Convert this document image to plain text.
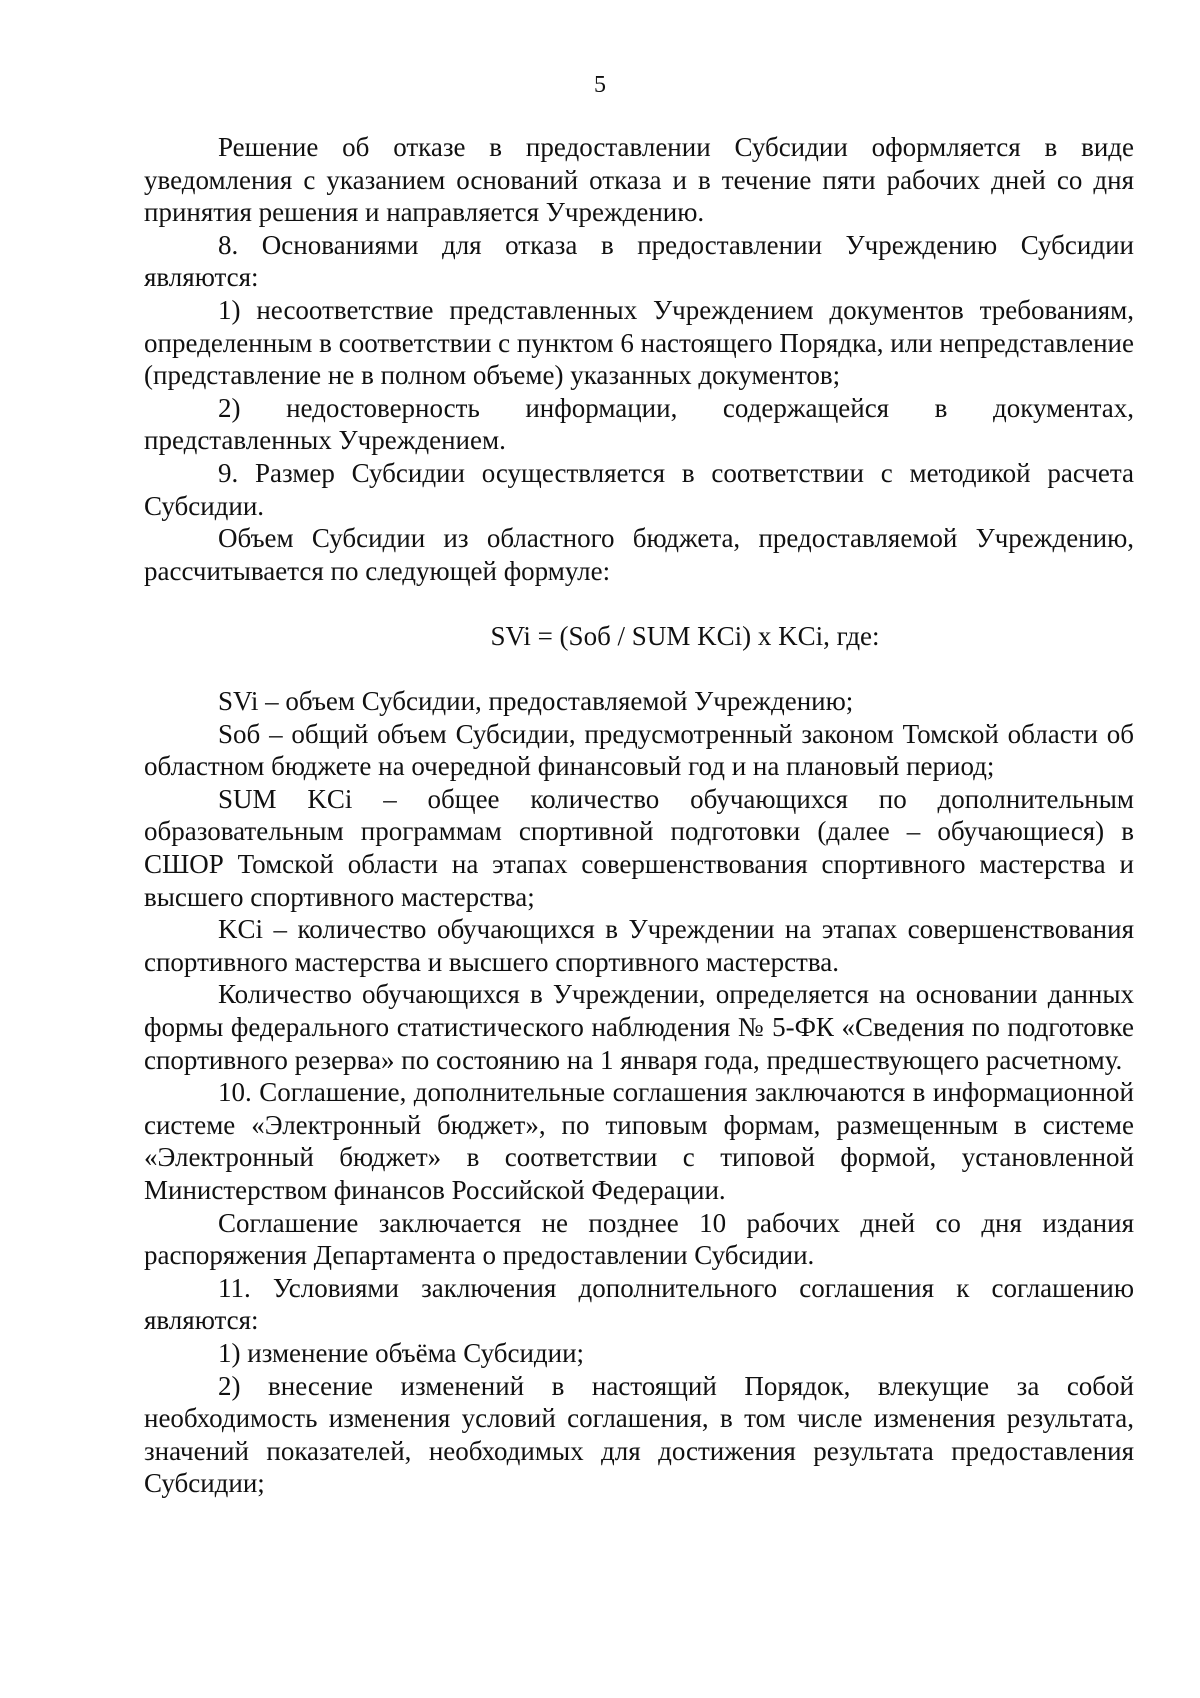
5

Решение об отказе в предоставлении Субсидии оформляется в виде уведомления с указанием оснований отказа и в течение пяти рабочих дней со дня принятия решения и направляется Учреждению.

8. Основаниями для отказа в предоставлении Учреждению Субсидии являются:

1) несоответствие представленных Учреждением документов требованиям, определенным в соответствии с пунктом 6 настоящего Порядка, или непредставление (представление не в полном объеме) указанных документов;

2) недостоверность информации, содержащейся в документах, представленных Учреждением.

9. Размер Субсидии осуществляется в соответствии с методикой расчета Субсидии.

Объем Субсидии из областного бюджета, предоставляемой Учреждению, рассчитывается по следующей формуле:

SVi = (Sоб / SUM KCi) x KCi, где:

SVi – объем Субсидии, предоставляемой Учреждению;

Sоб – общий объем Субсидии, предусмотренный законом Томской области об областном бюджете на очередной финансовый год и на плановый период;

SUM KCi – общее количество обучающихся по дополнительным образовательным программам спортивной подготовки (далее – обучающиеся) в СШОР Томской области на этапах совершенствования спортивного мастерства и высшего спортивного мастерства;

KCi – количество обучающихся в Учреждении на этапах совершенствования спортивного мастерства и высшего спортивного мастерства.

Количество обучающихся в Учреждении, определяется на основании данных формы федерального статистического наблюдения № 5-ФК «Сведения по подготовке спортивного резерва» по состоянию на 1 января года, предшествующего расчетному.

10. Соглашение, дополнительные соглашения заключаются в информационной системе «Электронный бюджет», по типовым формам, размещенным в системе «Электронный бюджет» в соответствии с типовой формой, установленной Министерством финансов Российской Федерации.

Соглашение заключается не позднее 10 рабочих дней со дня издания распоряжения Департамента о предоставлении Субсидии.

11. Условиями заключения дополнительного соглашения к соглашению являются:

1) изменение объёма Субсидии;

2) внесение изменений в настоящий Порядок, влекущие за собой необходимость изменения условий соглашения, в том числе изменения результата, значений показателей, необходимых для достижения результата предоставления Субсидии;
